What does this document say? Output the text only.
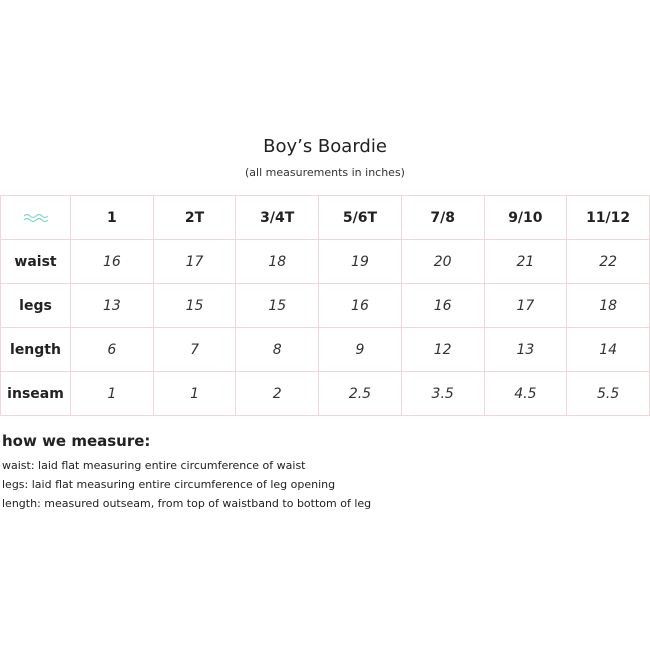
Boy’s Boardie
(all measurements in inches)
	1	2T	3/4T	5/6T	7/8	9/10	11/12
waist	16	17	18	19	20	21	22
legs	13	15	15	16	16	17	18
length	6	7	8	9	12	13	14
inseam	1	1	2	2.5	3.5	4.5	5.5
how we measure:
waist: laid flat measuring entire circumference of waist
legs: laid flat measuring entire circumference of leg opening
length: measured outseam, from top of waistband to bottom of leg
